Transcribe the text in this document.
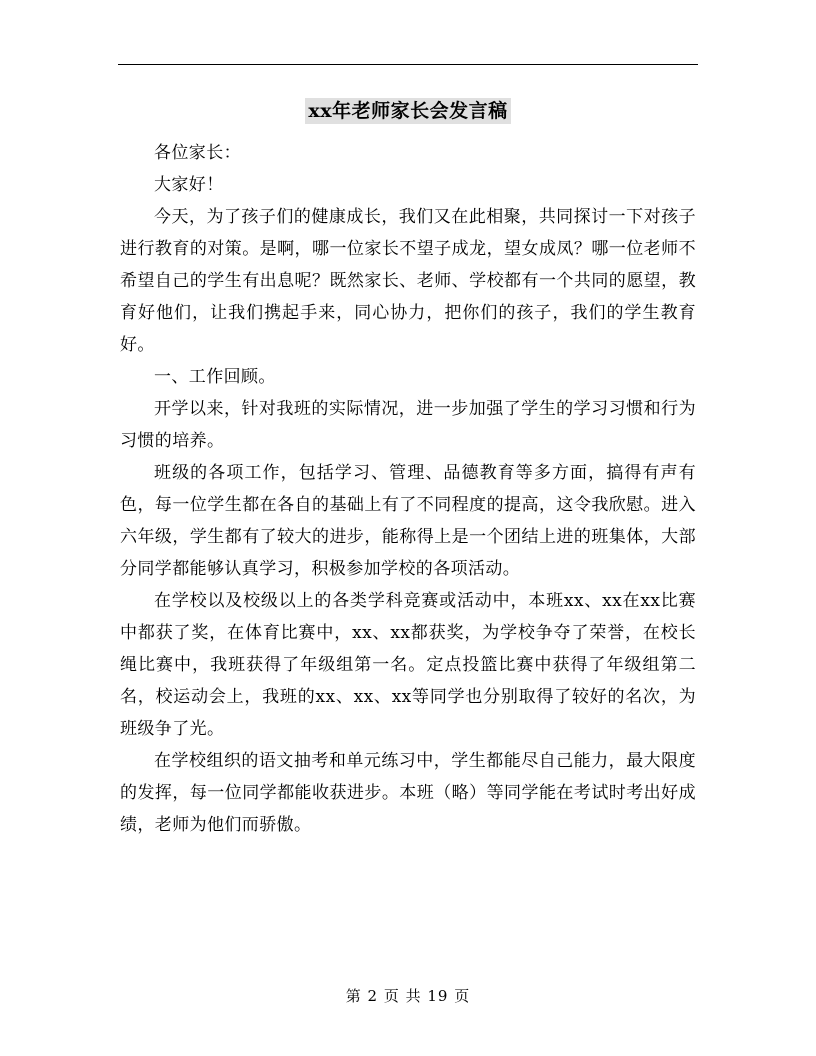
xx年老师家长会发言稿

各位家长：

大家好！

今天，为了孩子们的健康成长，我们又在此相聚，共同探讨一下对孩子进行教育的对策。是啊，哪一位家长不望子成龙，望女成凤？哪一位老师不希望自己的学生有出息呢？既然家长、老师、学校都有一个共同的愿望，教育好他们，让我们携起手来，同心协力，把你们的孩子，我们的学生教育好。

一、工作回顾。

开学以来，针对我班的实际情况，进一步加强了学生的学习习惯和行为习惯的培养。

班级的各项工作，包括学习、管理、品德教育等多方面，搞得有声有色，每一位学生都在各自的基础上有了不同程度的提高，这令我欣慰。进入六年级，学生都有了较大的进步，能称得上是一个团结上进的班集体，大部分同学都能够认真学习，积极参加学校的各项活动。

在学校以及校级以上的各类学科竞赛或活动中，本班xx、xx在xx比赛中都获了奖，在体育比赛中，xx、xx都获奖，为学校争夺了荣誉，在校长绳比赛中，我班获得了年级组第一名。定点投篮比赛中获得了年级组第二名，校运动会上，我班的xx、xx、xx等同学也分别取得了较好的名次，为班级争了光。

在学校组织的语文抽考和单元练习中，学生都能尽自己能力，最大限度的发挥，每一位同学都能收获进步。本班（略）等同学能在考试时考出好成绩，老师为他们而骄傲。

第 2 页 共 19 页
